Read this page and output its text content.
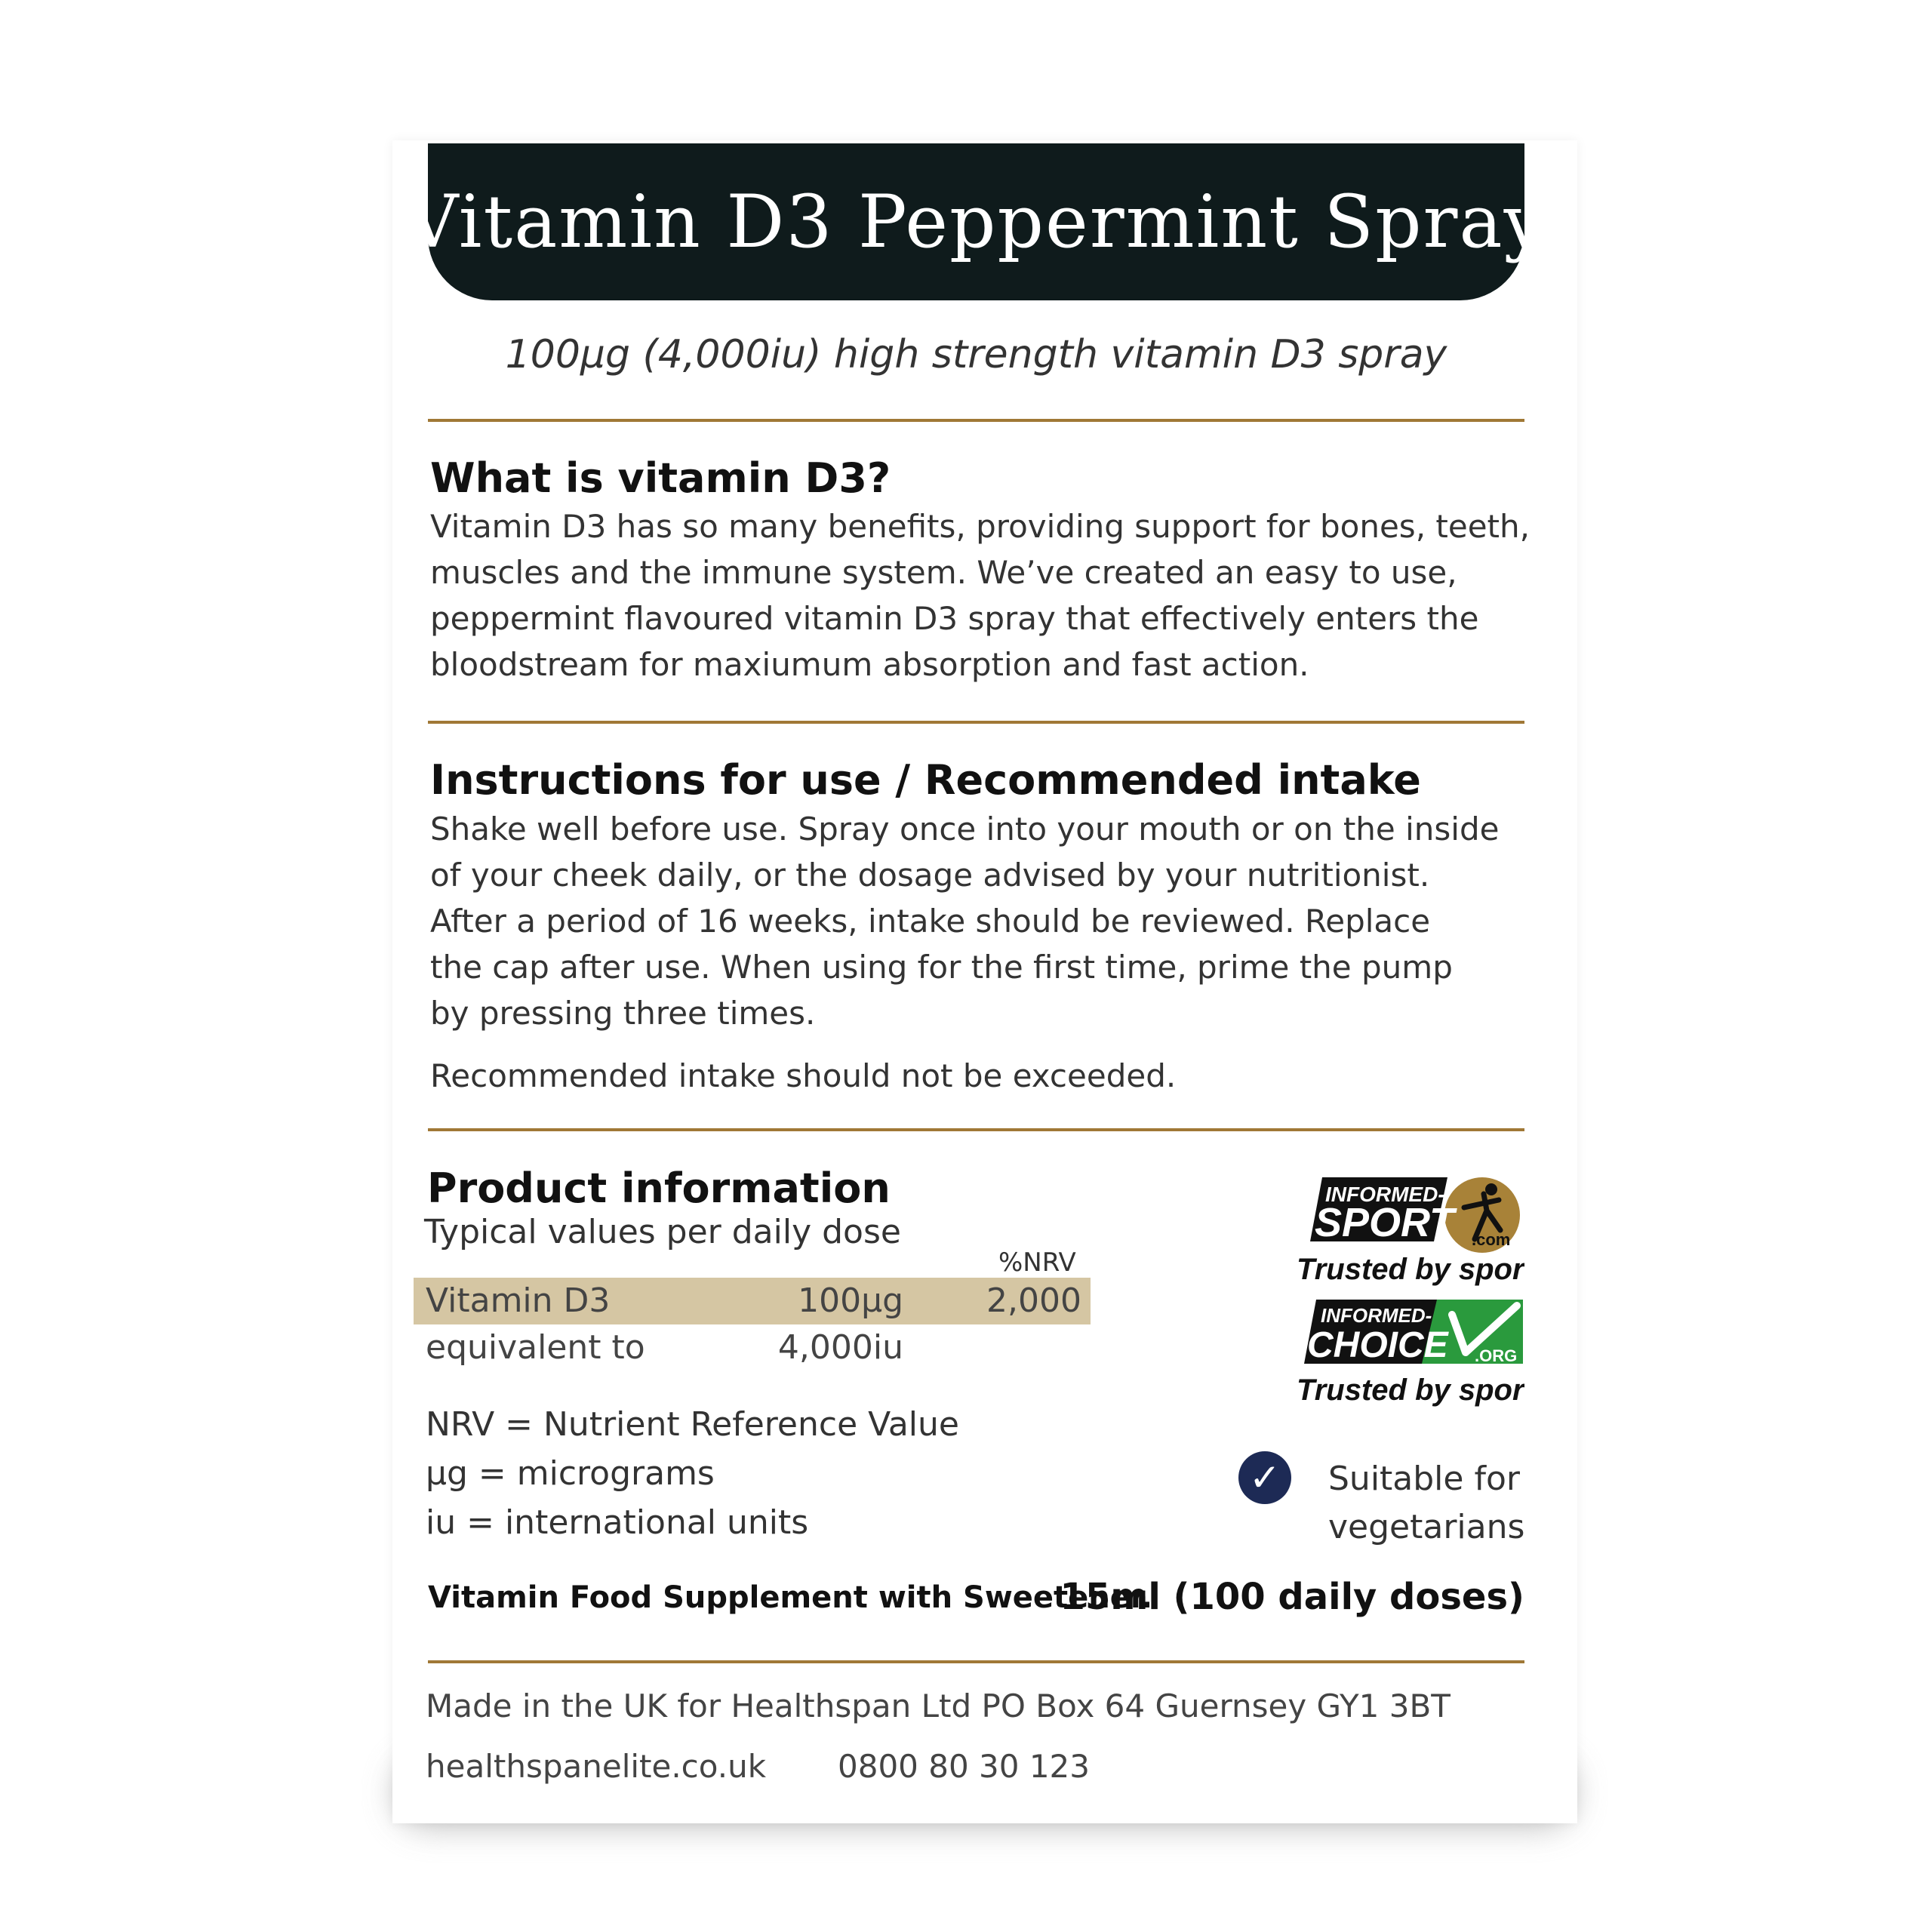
Vitamin D3 Peppermint Spray
100µg (4,000iu) high strength vitamin D3 spray
What is vitamin D3?
Vitamin D3 has so many benefits, providing support for bones, teeth,
muscles and the immune system. We’ve created an easy to use,
peppermint flavoured vitamin D3 spray that effectively enters the
bloodstream for maxiumum absorption and fast action.
Instructions for use / Recommended intake
Shake well before use. Spray once into your mouth or on the inside
of your cheek daily, or the dosage advised by your nutritionist.
After a period of 16 weeks, intake should be reviewed. Replace
the cap after use. When using for the first time, prime the pump
by pressing three times.
Recommended intake should not be exceeded.
Product information
Typical values per daily dose
%NRV
Vitamin D3	100µg	2,000
equivalent to	4,000iu
NRV = Nutrient Reference Value
µg = micrograms
iu = international units
INFORMED-
SPORT .com
Trusted by sport
INFORMED-
CHOICE .ORG
Trusted by sport
✓	Suitable for
vegetarians
Vitamin Food Supplement with Sweetener.
15ml (100 daily doses)
Made in the UK for Healthspan Ltd PO Box 64 Guernsey GY1 3BT
healthspanelite.co.uk 0800 80 30 123
